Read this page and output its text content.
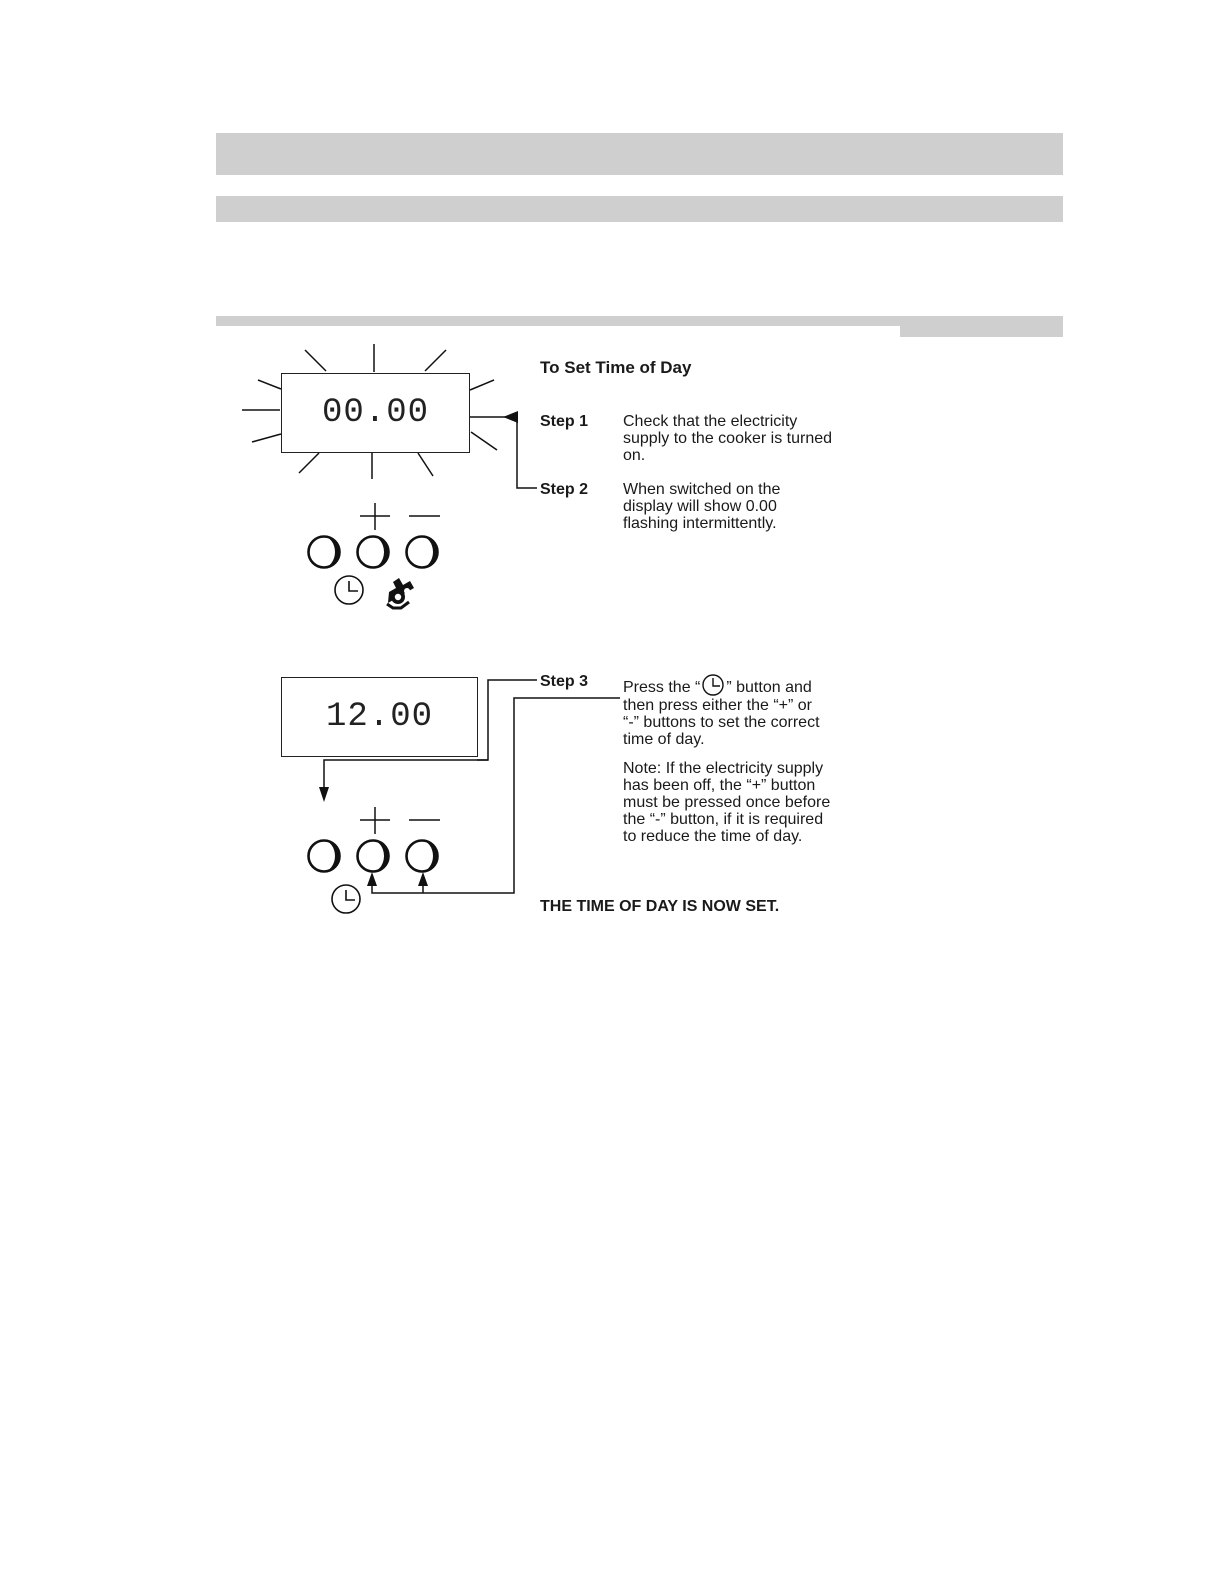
00.00
12.00
To Set Time of Day
Step 1 Check that the electricity
supply to the cooker is turned
on.
Step 2 When switched on the
display will show 0.00
flashing intermittently.
Step 3 Press the “ ” button and
then press either the “+” or
“-” buttons to set the correct
time of day.
Note: If the electricity supply
has been off, the “+” button
must be pressed once before
the “-” button, if it is required
to reduce the time of day.
THE TIME OF DAY IS NOW SET.
